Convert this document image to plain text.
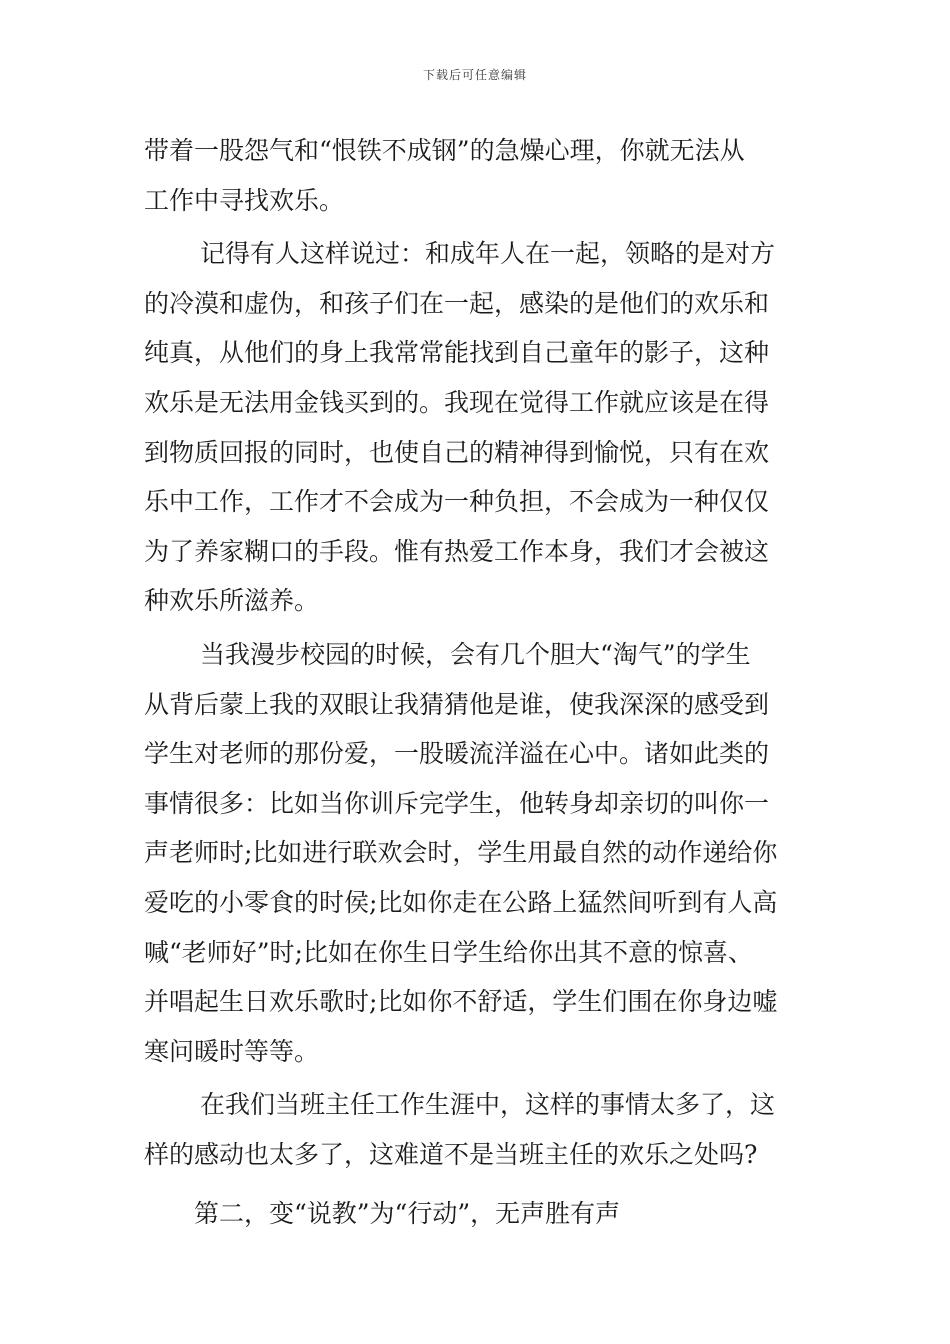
下载后可任意编辑
带着一股怨气和“恨铁不成钢”的急燥心理，你就无法从
工作中寻找欢乐。
记得有人这样说过：和成年人在一起，领略的是对方
的冷漠和虚伪，和孩子们在一起，感染的是他们的欢乐和
纯真，从他们的身上我常常能找到自己童年的影子，这种
欢乐是无法用金钱买到的。我现在觉得工作就应该是在得
到物质回报的同时，也使自己的精神得到愉悦，只有在欢
乐中工作，工作才不会成为一种负担，不会成为一种仅仅
为了养家糊口的手段。惟有热爱工作本身，我们才会被这
种欢乐所滋养。
当我漫步校园的时候，会有几个胆大“淘气”的学生
从背后蒙上我的双眼让我猜猜他是谁，使我深深的感受到
学生对老师的那份爱，一股暖流洋溢在心中。诸如此类的
事情很多：比如当你训斥完学生，他转身却亲切的叫你一
声老师时;比如进行联欢会时，学生用最自然的动作递给你
爱吃的小零食的时侯;比如你走在公路上猛然间听到有人高
喊“老师好”时;比如在你生日学生给你出其不意的惊喜、
并唱起生日欢乐歌时;比如你不舒适，学生们围在你身边嘘
寒问暖时等等。
在我们当班主任工作生涯中，这样的事情太多了，这
样的感动也太多了，这难道不是当班主任的欢乐之处吗?
第二，变“说教”为“行动”，无声胜有声
